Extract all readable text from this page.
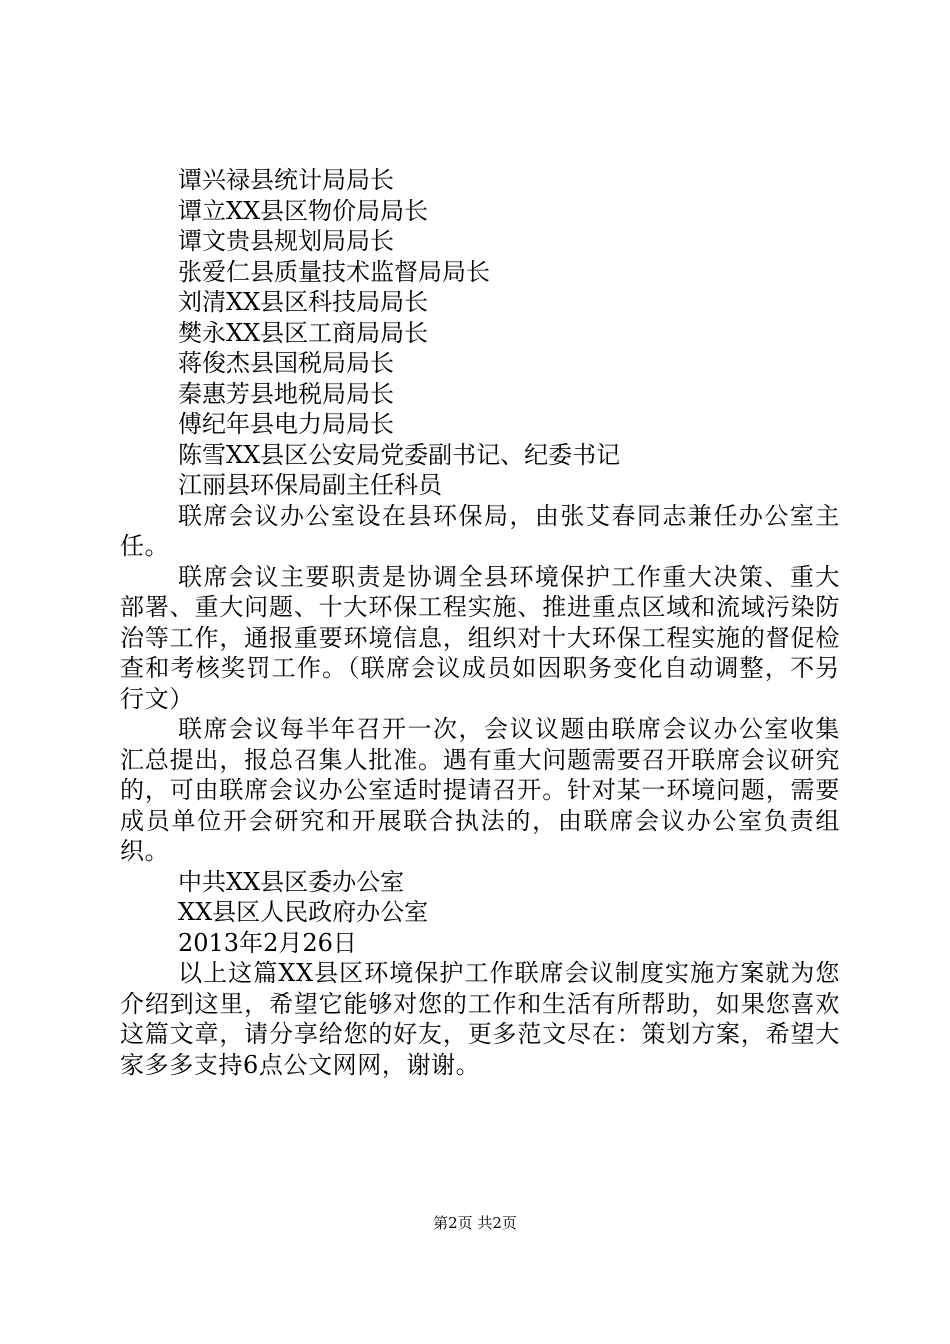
谭兴禄县统计局局长

谭立XX县区物价局局长

谭文贵县规划局局长

张爱仁县质量技术监督局局长

刘清XX县区科技局局长

樊永XX县区工商局局长

蒋俊杰县国税局局长

秦惠芳县地税局局长

傅纪年县电力局局长

陈雪XX县区公安局党委副书记、纪委书记

江丽县环保局副主任科员

联席会议办公室设在县环保局，由张艾春同志兼任办公室主任。

联席会议主要职责是协调全县环境保护工作重大决策、重大部署、重大问题、十大环保工程实施、推进重点区域和流域污染防治等工作，通报重要环境信息，组织对十大环保工程实施的督促检查和考核奖罚工作。（联席会议成员如因职务变化自动调整，不另行文）

联席会议每半年召开一次，会议议题由联席会议办公室收集汇总提出，报总召集人批准。遇有重大问题需要召开联席会议研究的，可由联席会议办公室适时提请召开。针对某一环境问题，需要成员单位开会研究和开展联合执法的，由联席会议办公室负责组织。

中共XX县区委办公室

XX县区人民政府办公室

2013年2月26日

以上这篇XX县区环境保护工作联席会议制度实施方案就为您介绍到这里，希望它能够对您的工作和生活有所帮助，如果您喜欢这篇文章，请分享给您的好友，更多范文尽在：策划方案，希望大家多多支持6点公文网网，谢谢。

第2页 共2页
